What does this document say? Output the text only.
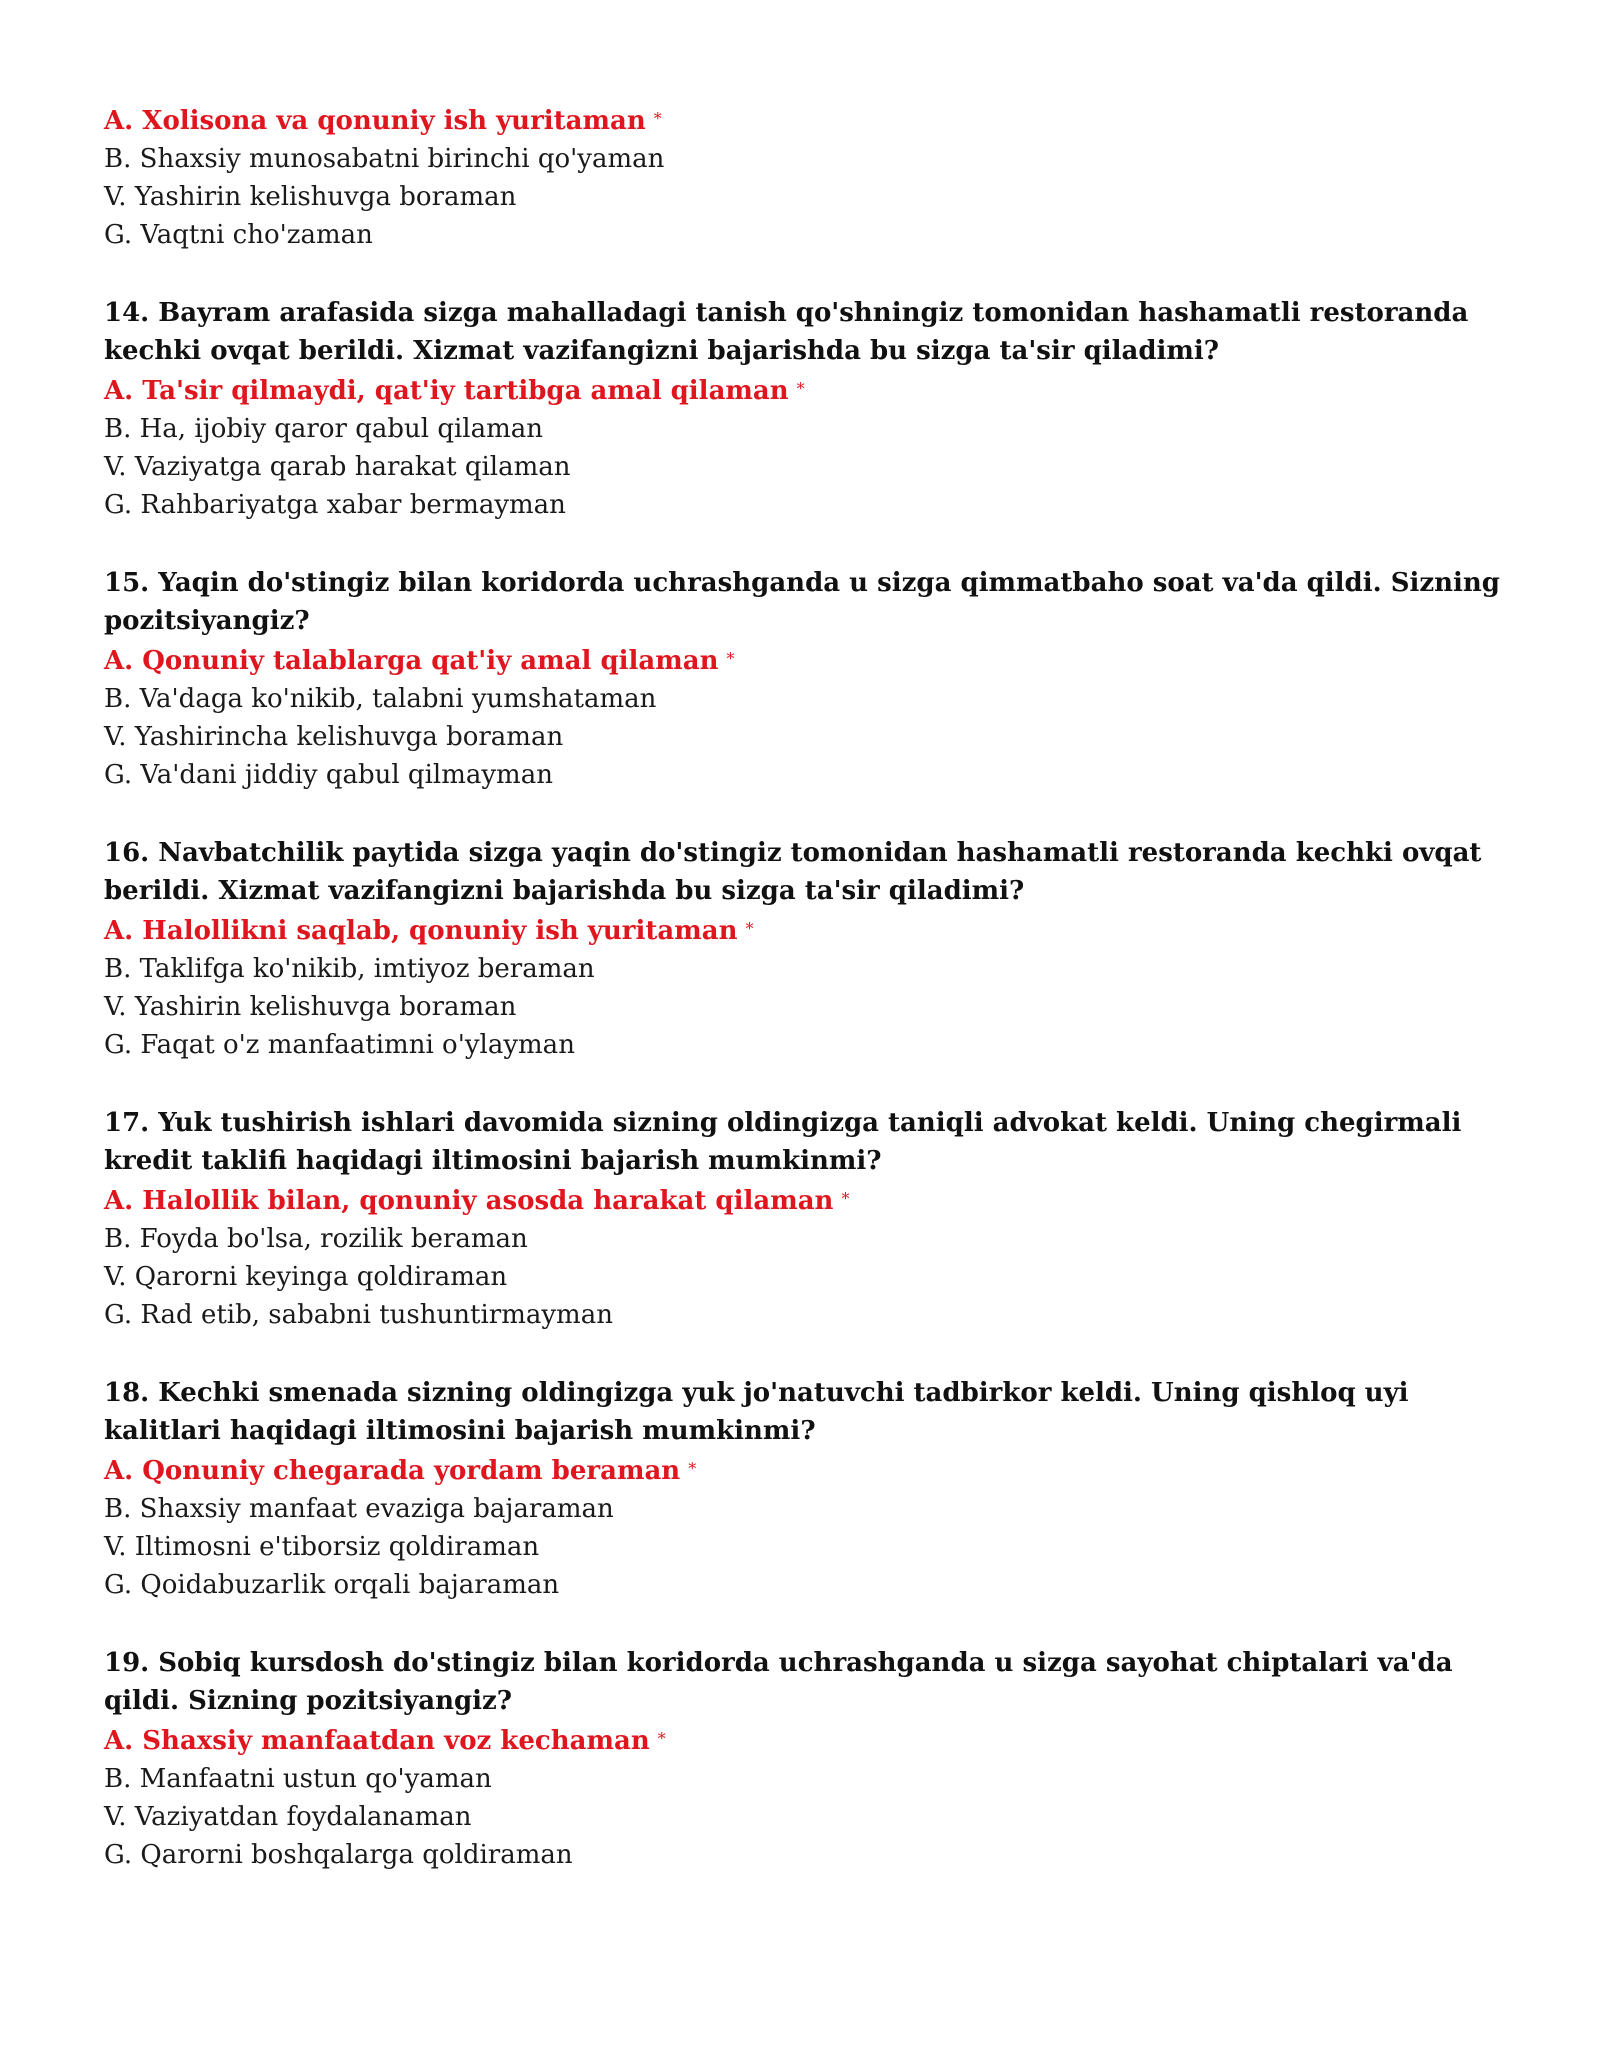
A. Xolisona va qonuniy ish yuritaman *

B. Shaxsiy munosabatni birinchi qo'yaman

V. Yashirin kelishuvga boraman

G. Vaqtni cho'zaman

14. Bayram arafasida sizga mahalladagi tanish qo'shningiz tomonidan hashamatli restoranda kechki ovqat berildi. Xizmat vazifangizni bajarishda bu sizga ta'sir qiladimi?

A. Ta'sir qilmaydi, qat'iy tartibga amal qilaman *

B. Ha, ijobiy qaror qabul qilaman

V. Vaziyatga qarab harakat qilaman

G. Rahbariyatga xabar bermayman

15. Yaqin do'stingiz bilan koridorda uchrashganda u sizga qimmatbaho soat va'da qildi. Sizning pozitsiyangiz?

A. Qonuniy talablarga qat'iy amal qilaman *

B. Va'daga ko'nikib, talabni yumshataman

V. Yashirincha kelishuvga boraman

G. Va'dani jiddiy qabul qilmayman

16. Navbatchilik paytida sizga yaqin do'stingiz tomonidan hashamatli restoranda kechki ovqat berildi. Xizmat vazifangizni bajarishda bu sizga ta'sir qiladimi?

A. Halollikni saqlab, qonuniy ish yuritaman *

B. Taklifga ko'nikib, imtiyoz beraman

V. Yashirin kelishuvga boraman

G. Faqat o'z manfaatimni o'ylayman

17. Yuk tushirish ishlari davomida sizning oldingizga taniqli advokat keldi. Uning chegirmali kredit taklifi haqidagi iltimosini bajarish mumkinmi?

A. Halollik bilan, qonuniy asosda harakat qilaman *

B. Foyda bo'lsa, rozilik beraman

V. Qarorni keyinga qoldiraman

G. Rad etib, sababni tushuntirmayman

18. Kechki smenada sizning oldingizga yuk jo'natuvchi tadbirkor keldi. Uning qishloq uyi kalitlari haqidagi iltimosini bajarish mumkinmi?

A. Qonuniy chegarada yordam beraman *

B. Shaxsiy manfaat evaziga bajaraman

V. Iltimosni e'tiborsiz qoldiraman

G. Qoidabuzarlik orqali bajaraman

19. Sobiq kursdosh do'stingiz bilan koridorda uchrashganda u sizga sayohat chiptalari va'da qildi. Sizning pozitsiyangiz?

A. Shaxsiy manfaatdan voz kechaman *

B. Manfaatni ustun qo'yaman

V. Vaziyatdan foydalanaman

G. Qarorni boshqalarga qoldiraman
